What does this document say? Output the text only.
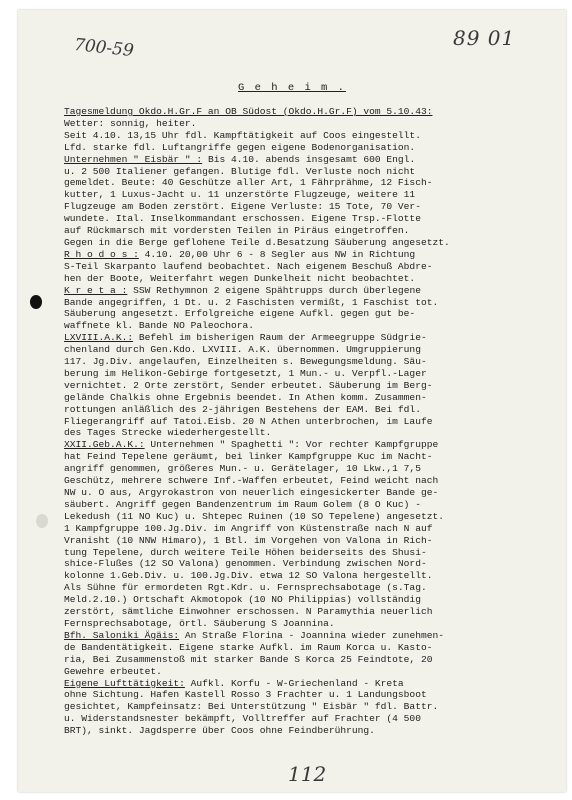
700-59	89 01
G e h e i m .
Tagesmeldung Okdo.H.Gr.F an OB Südost (Okdo.H.Gr.F) vom 5.10.43:
Wetter: sonnig, heiter.
Seit 4.10. 13,15 Uhr fdl. Kampftätigkeit auf Coos eingestellt.
Lfd. starke fdl. Luftangriffe gegen eigene Bodenorganisation.
Unternehmen " Eisbär " : Bis 4.10. abends insgesamt 600 Engl.
u. 2 500 Italiener gefangen. Blutige fdl. Verluste noch nicht
gemeldet. Beute: 40 Geschütze aller Art, 1 Fährprähme, 12 Fisch-
kutter, 1 Luxus-Jacht u. 11 unzerstörte Flugzeuge, weitere 11
Flugzeuge am Boden zerstört. Eigene Verluste: 15 Tote, 70 Ver-
wundete. Ital. Inselkommandant erschossen. Eigene Trsp.-Flotte
auf Rückmarsch mit vordersten Teilen in Piräus eingetroffen.
Gegen in die Berge geflohene Teile d.Besatzung Säuberung angesetzt.
R h o d o s : 4.10. 20,00 Uhr 6 - 8 Segler aus NW in Richtung
S-Teil Skarpanto laufend beobachtet. Nach eigenem Beschuß Abdre-
hen der Boote, Weiterfahrt wegen Dunkelheit nicht beobachtet.
K r e t a : SSW Rethymnon 2 eigene Spähtrupps durch überlegene
Bande angegriffen, 1 Dt. u. 2 Faschisten vermißt, 1 Faschist tot.
Säuberung angesetzt. Erfolgreiche eigene Aufkl. gegen gut be-
waffnete kl. Bande NO Paleochora.
LXVIII.A.K.: Befehl im bisherigen Raum der Armeegruppe Südgrie-
chenland durch Gen.Kdo. LXVIII. A.K. übernommen. Umgruppierung
117. Jg.Div. angelaufen, Einzelheiten s. Bewegungsmeldung. Säu-
berung im Helikon-Gebirge fortgesetzt, 1 Mun.- u. Verpfl.-Lager
vernichtet. 2 Orte zerstört, Sender erbeutet. Säuberung im Berg-
gelände Chalkis ohne Ergebnis beendet. In Athen komm. Zusammen-
rottungen anläßlich des 2-jährigen Bestehens der EAM. Bei fdl.
Fliegerangriff auf Tatoi.Eisb. 20 N Athen unterbrochen, im Laufe
des Tages Strecke wiederhergestellt.
XXII.Geb.A.K.: Unternehmen " Spaghetti ": Vor rechter Kampfgruppe
hat Feind Tepelene geräumt, bei linker Kampfgruppe Kuc im Nacht-
angriff genommen, größeres Mun.- u. Gerätelager, 10 Lkw.,1 7,5
Geschütz, mehrere schwere Inf.-Waffen erbeutet, Feind weicht nach
NW u. O aus, Argyrokastron von neuerlich eingesickerter Bande ge-
säubert. Angriff gegen Bandenzentrum im Raum Golem (8 O Kuc) -
Lekedush (11 NO Kuc) u. Shtepec Ruinen (10 SO Tepelene) angesetzt.
1 Kampfgruppe 100.Jg.Div. im Angriff von Küstenstraße nach N auf
Vranisht (10 NNW Himaro), 1 Btl. im Vorgehen von Valona in Rich-
tung Tepelene, durch weitere Teile Höhen beiderseits des Shusi-
shice-Flußes (12 SO Valona) genommen. Verbindung zwischen Nord-
kolonne 1.Geb.Div. u. 100.Jg.Div. etwa 12 SO Valona hergestellt.
Als Sühne für ermordeten Rgt.Kdr. u. Fernsprechsabotage (s.Tag.
Meld.2.10.) Ortschaft Akmotopok (10 NO Philippias) vollständig
zerstört, sämtliche Einwohner erschossen. N Paramythia neuerlich
Fernsprechsabotage, örtl. Säuberung S Joannina.
Bfh. Saloniki Ägäis: An Straße Florina - Joannina wieder zunehmen-
de Bandentätigkeit. Eigene starke Aufkl. im Raum Korca u. Kasto-
ria, Bei Zusammenstoß mit starker Bande S Korca 25 Feindtote, 20
Gewehre erbeutet.
Eigene Lufttätigkeit: Aufkl. Korfu - W-Griechenland - Kreta
ohne Sichtung. Hafen Kastell Rosso 3 Frachter u. 1 Landungsboot
gesichtet, Kampfeinsatz: Bei Unterstützung " Eisbär " fdl. Battr.
u. Widerstandsnester bekämpft, Volltreffer auf Frachter (4 500
BRT), sinkt. Jagdsperre über Coos ohne Feindberührung.
112
